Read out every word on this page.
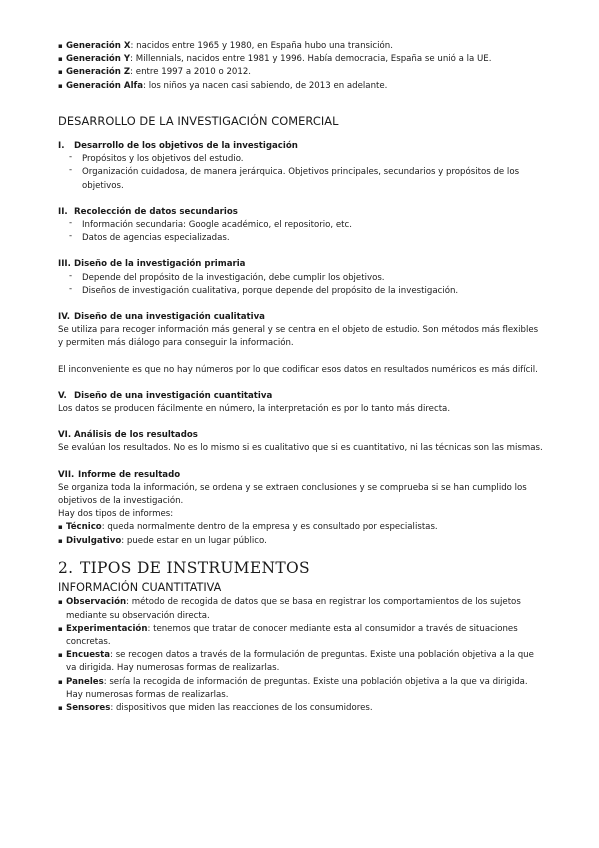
▪ Generación X: nacidos entre 1965 y 1980, en España hubo una transición.
▪ Generación Y: Millennials, nacidos entre 1981 y 1996. Había democracia, España se unió a la UE.
▪ Generación Z: entre 1997 a 2010 o 2012.
▪ Generación Alfa: los niños ya nacen casi sabiendo, de 2013 en adelante.
DESARROLLO DE LA INVESTIGACIÓN COMERCIAL
I. Desarrollo de los objetivos de la investigación
‐ Propósitos y los objetivos del estudio.
‐ Organización cuidadosa, de manera jerárquica. Objetivos principales, secundarios y propósitos de los objetivos.
II. Recolección de datos secundarios
‐ Información secundaria: Google académico, el repositorio, etc.
‐ Datos de agencias especializadas.
III. Diseño de la investigación primaria
‐ Depende del propósito de la investigación, debe cumplir los objetivos.
‐ Diseños de investigación cualitativa, porque depende del propósito de la investigación.
IV. Diseño de una investigación cualitativa

Se utiliza para recoger información más general y se centra en el objeto de estudio. Son métodos más flexibles y permiten más diálogo para conseguir la información.

El inconveniente es que no hay números por lo que codificar esos datos en resultados numéricos es más difícil.

V. Diseño de una investigación cuantitativa

Los datos se producen fácilmente en número, la interpretación es por lo tanto más directa.

VI. Análisis de los resultados

Se evalúan los resultados. No es lo mismo si es cualitativo que si es cuantitativo, ni las técnicas son las mismas.

VII. Informe de resultado

Se organiza toda la información, se ordena y se extraen conclusiones y se comprueba si se han cumplido los objetivos de la investigación.

Hay dos tipos de informes:

▪ Técnico: queda normalmente dentro de la empresa y es consultado por especialistas.
▪ Divulgativo: puede estar en un lugar público.
2. TIPOS DE INSTRUMENTOS
INFORMACIÓN CUANTITATIVA
▪ Observación: método de recogida de datos que se basa en registrar los comportamientos de los sujetos mediante su observación directa.
▪ Experimentación: tenemos que tratar de conocer mediante esta al consumidor a través de situaciones concretas.
▪ Encuesta: se recogen datos a través de la formulación de preguntas. Existe una población objetiva a la que va dirigida. Hay numerosas formas de realizarlas.
▪ Paneles: sería la recogida de información de preguntas. Existe una población objetiva a la que va dirigida. Hay numerosas formas de realizarlas.
▪ Sensores: dispositivos que miden las reacciones de los consumidores.
